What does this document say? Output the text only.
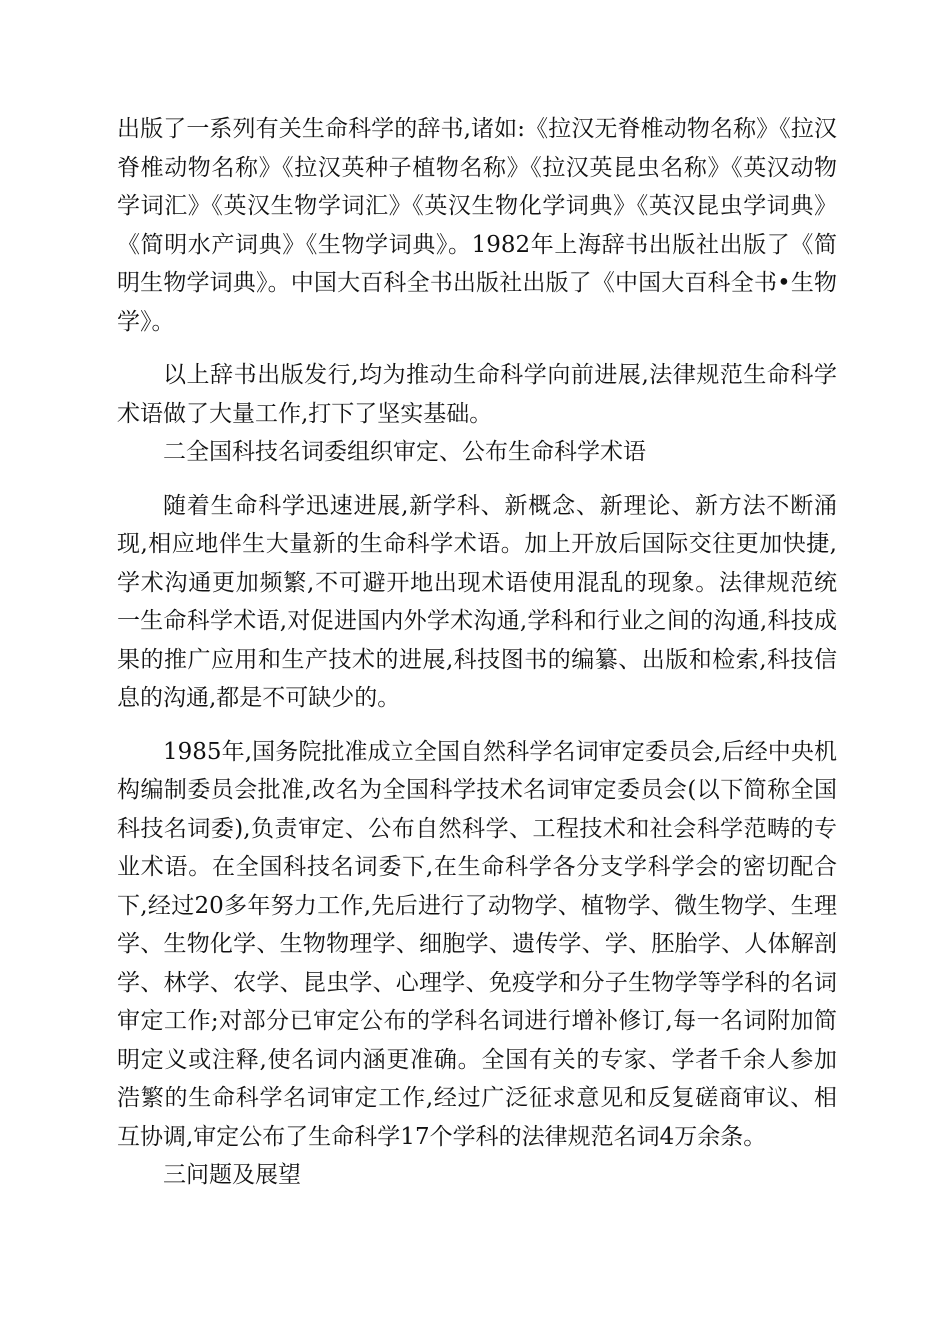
出版了一系列有关生命科学的辞书,诸如:《拉汉无脊椎动物名称》《拉汉脊椎动物名称》《拉汉英种子植物名称》《拉汉英昆虫名称》《英汉动物学词汇》《英汉生物学词汇》《英汉生物化学词典》《英汉昆虫学词典》《简明水产词典》《生物学词典》。1982年上海辞书出版社出版了《简明生物学词典》。中国大百科全书出版社出版了《中国大百科全书•生物学》。

以上辞书出版发行,均为推动生命科学向前进展,法律规范生命科学术语做了大量工作,打下了坚实基础。

二全国科技名词委组织审定、公布生命科学术语

随着生命科学迅速进展,新学科、新概念、新理论、新方法不断涌现,相应地伴生大量新的生命科学术语。加上开放后国际交往更加快捷,学术沟通更加频繁,不可避开地出现术语使用混乱的现象。法律规范统一生命科学术语,对促进国内外学术沟通,学科和行业之间的沟通,科技成果的推广应用和生产技术的进展,科技图书的编纂、出版和检索,科技信息的沟通,都是不可缺少的。

1985年,国务院批准成立全国自然科学名词审定委员会,后经中央机构编制委员会批准,改名为全国科学技术名词审定委员会(以下简称全国科技名词委),负责审定、公布自然科学、工程技术和社会科学范畴的专业术语。在全国科技名词委下,在生命科学各分支学科学会的密切配合下,经过20多年努力工作,先后进行了动物学、植物学、微生物学、生理学、生物化学、生物物理学、细胞学、遗传学、学、胚胎学、人体解剖学、林学、农学、昆虫学、心理学、免疫学和分子生物学等学科的名词审定工作;对部分已审定公布的学科名词进行增补修订,每一名词附加简明定义或注释,使名词内涵更准确。全国有关的专家、学者千余人参加浩繁的生命科学名词审定工作,经过广泛征求意见和反复磋商审议、相互协调,审定公布了生命科学17个学科的法律规范名词4万余条。

三问题及展望
